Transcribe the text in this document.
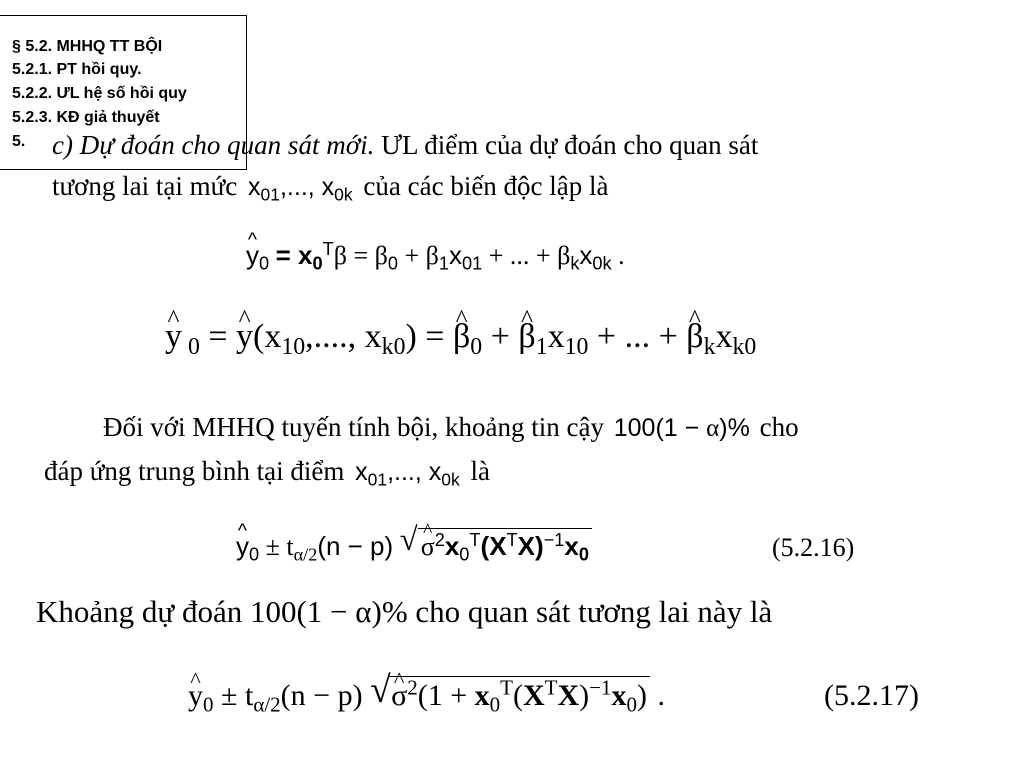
§ 5.2. MHHQ TT BỘI
5.2.1. PT hồi quy.
5.2.2. ƯL hệ số hồi quy
5.2.3. KĐ giả thuyết
5. c) Dự đoán cho quan sát mới. ƯL điểm của dự đoán cho quan sát
tương lai tại mức $x_{01}$,..., $x_{0k}$ của các biến độc lập là
^ $y_0 = x_0^T\beta = \beta_0 + \beta_1x_{01}$ + ... + $\beta_kx_{0k}$ .
^ y $_0$ = ^ $y(x_{10}$,...., $x_{k0}$) = ^ $\beta_0$ + ^ $\beta_1x_{10}$ + ... + ^ $\beta_kx_{k0}$
Đối với MHHQ tuyến tính bội, khoảng tin cậy 100(1 − α)% cho
đáp ứng trung bình tại điểm $x_{01}$,..., $x_{0k}$ là
^ $y_0 \pm t_{\alpha/2}(n - p)$ √ ^ $\sigma^2x_0^T(X^TX)^{-1}x_0$	(5.2.16)
Khoảng dự đoán 100(1 − α)% cho quan sát tương lai này là
^ $y_0 \pm t_{\alpha/2}(n - p)$ √ ^ $\sigma^2(1 + x_0^T(X^TX)^{-1}x_0)$ .	(5.2.17)
